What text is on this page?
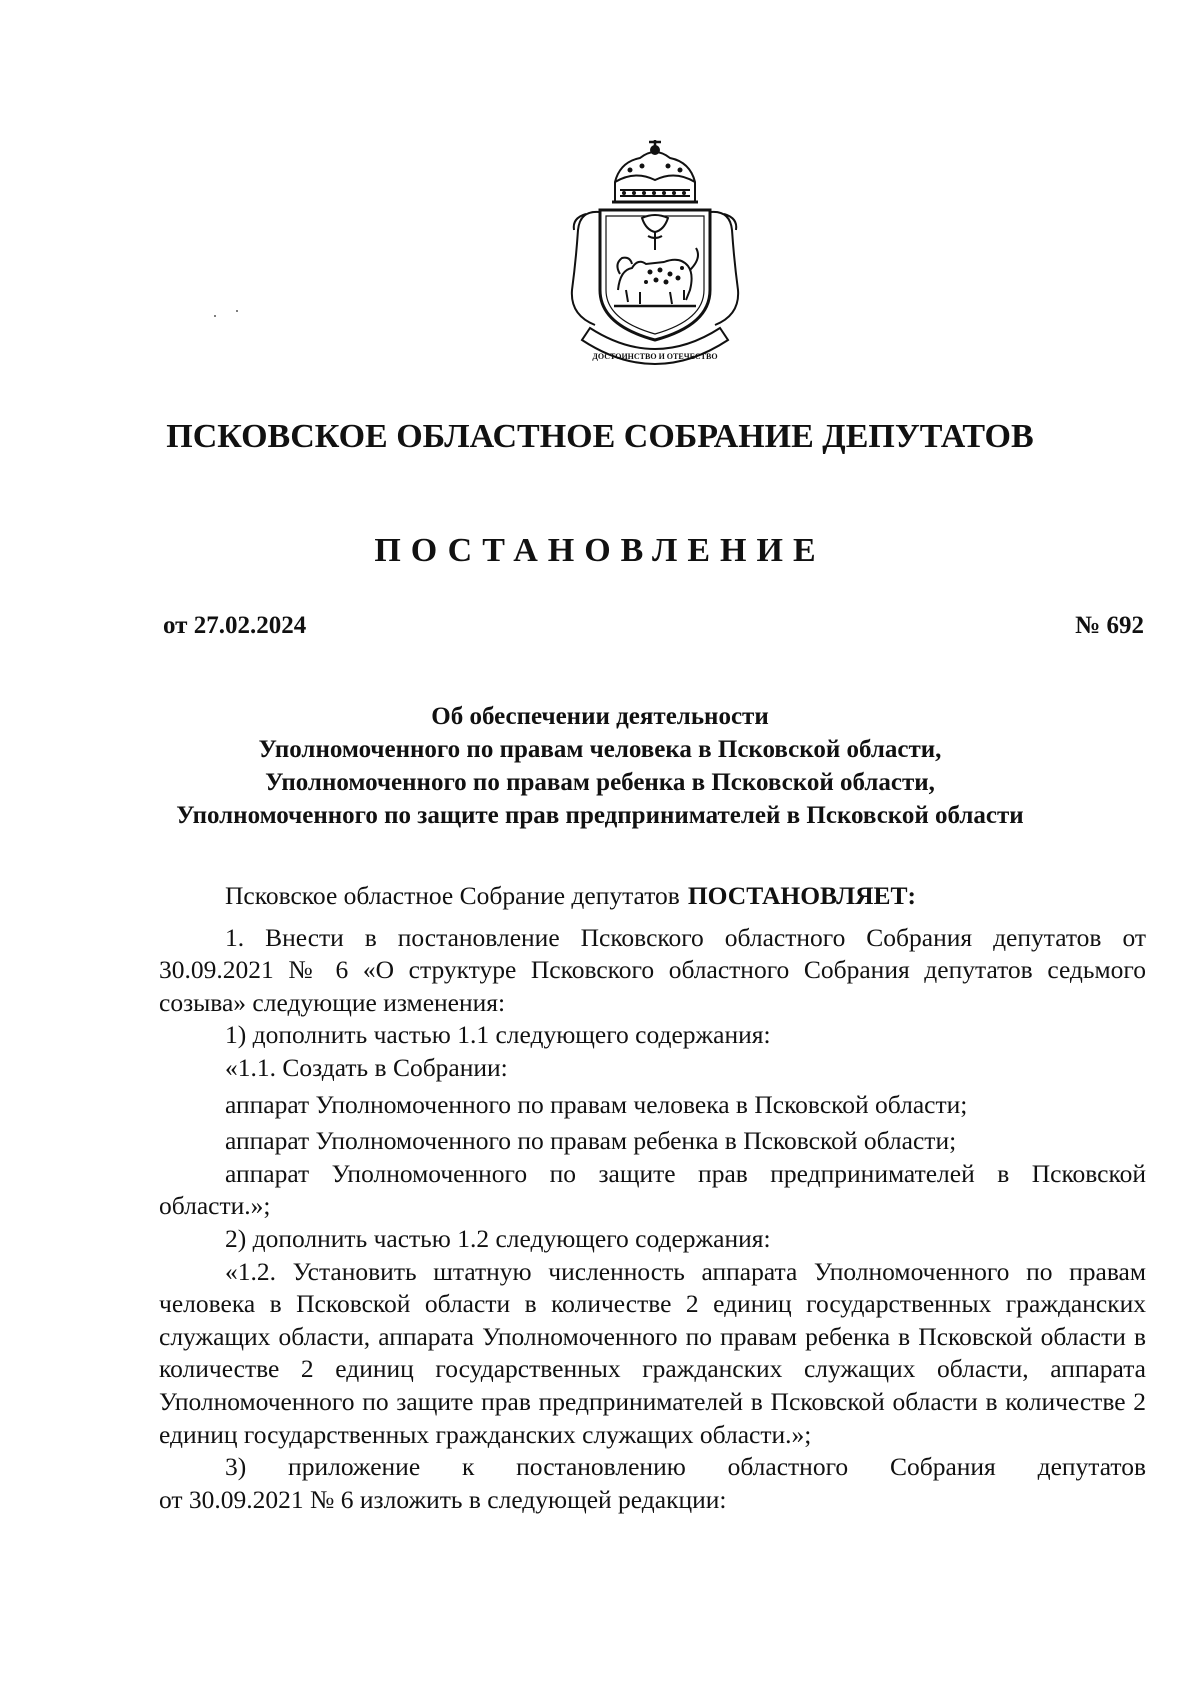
ДОСТОИНСТВО И ОТЕЧЕСТВО
ПСКОВСКОЕ ОБЛАСТНОЕ СОБРАНИЕ ДЕПУТАТОВ
ПОСТАНОВЛЕНИЕ
от 27.02.2024	№ 692
Об обеспечении деятельности
Уполномоченного по правам человека в Псковской области,
Уполномоченного по правам ребенка в Псковской области,
Уполномоченного по защите прав предпринимателей в Псковской области

Псковское областное Собрание депутатов ПОСТАНОВЛЯЕТ:

1. Внести в постановление Псковского областного Собрания депутатов от 30.09.2021 № 6 «О структуре Псковского областного Собрания депутатов седьмого созыва» следующие изменения:

1) дополнить частью 1.1 следующего содержания:

«1.1. Создать в Собрании:

аппарат Уполномоченного по правам человека в Псковской области;

аппарат Уполномоченного по правам ребенка в Псковской области;

аппарат Уполномоченного по защите прав предпринимателей в Псковской области.»;

2) дополнить частью 1.2 следующего содержания:

«1.2. Установить штатную численность аппарата Уполномоченного по правам человека в Псковской области в количестве 2 единиц государственных гражданских служащих области, аппарата Уполномоченного по правам ребенка в Псковской области в количестве 2 единиц государственных гражданских служащих области, аппарата Уполномоченного по защите прав предпринимателей в Псковской области в количестве 2 единиц государственных гражданских служащих области.»;

3) приложение к постановлению областного Собрания депутатов

от 30.09.2021 № 6 изложить в следующей редакции:
